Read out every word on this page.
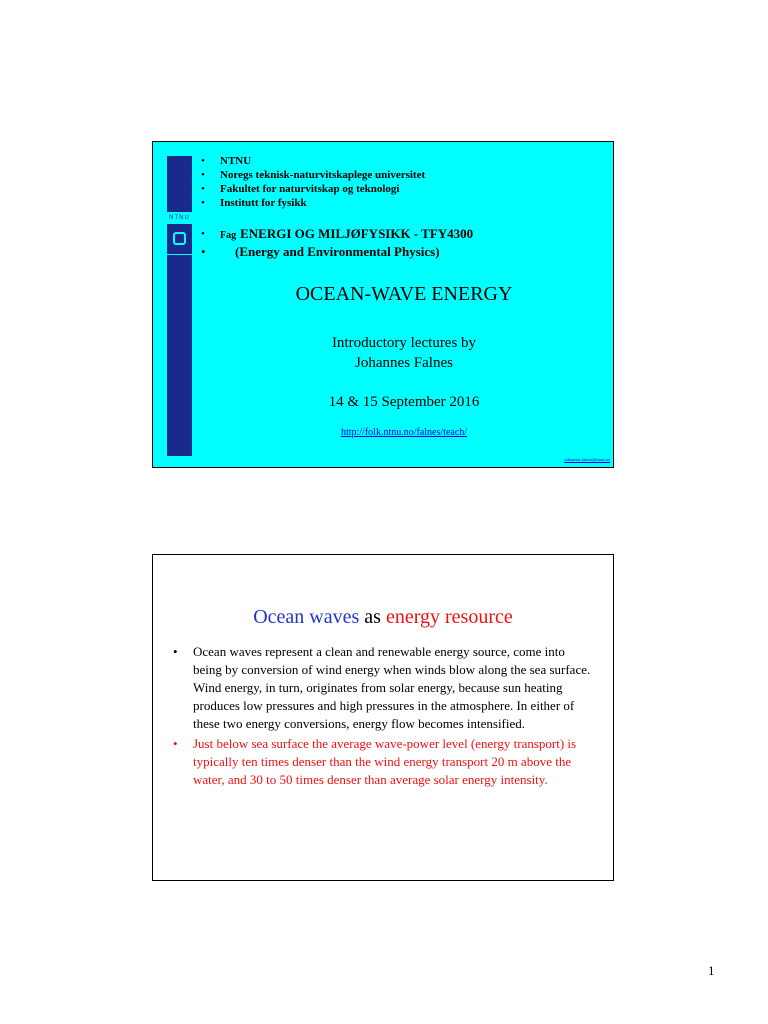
NTNU
• NTNU
• Noregs teknisk-naturvitskaplege universitet
• Fakultet for naturvitskap og teknologi
• Institutt for fysikk
• Fag ENERGI OG MILJØFYSIKK - TFY4300
• (Energy and Environmental Physics)
OCEAN-WAVE ENERGY
Introductory lectures by
Johannes Falnes
14 & 15 September 2016
http://folk.ntnu.no/falnes/teach/
johannes.falnes@ntnu.no
Ocean waves as energy resource
• Ocean waves represent a clean and renewable energy source, come into being by conversion of wind energy when winds blow along the sea surface. Wind energy, in turn, originates from solar energy, because sun heating produces low pressures and high pressures in the atmosphere. In either of these two energy conversions, energy flow becomes intensified.
• Just below sea surface the average wave-power level (energy transport) is typically ten times denser than the wind energy transport 20 m above the water, and 30 to 50 times denser than average solar energy intensity.
1
